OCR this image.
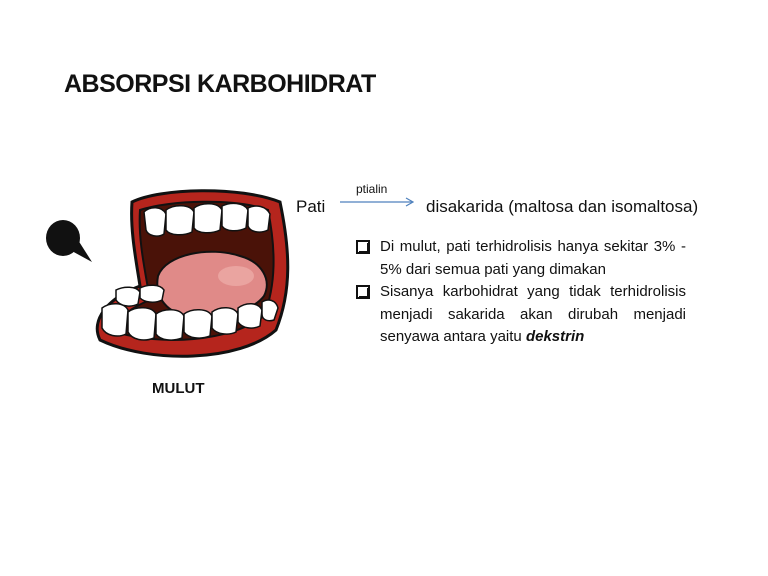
ABSORPSI KARBOHIDRAT
MULUT
Pati
ptialin
disakarida (maltosa dan isomaltosa)
Di mulut, pati terhidrolisis hanya sekitar 3% - 5% dari semua pati yang dimakan
Sisanya karbohidrat yang tidak terhidrolisis menjadi sakarida akan dirubah menjadi senyawa antara yaitu dekstrin
